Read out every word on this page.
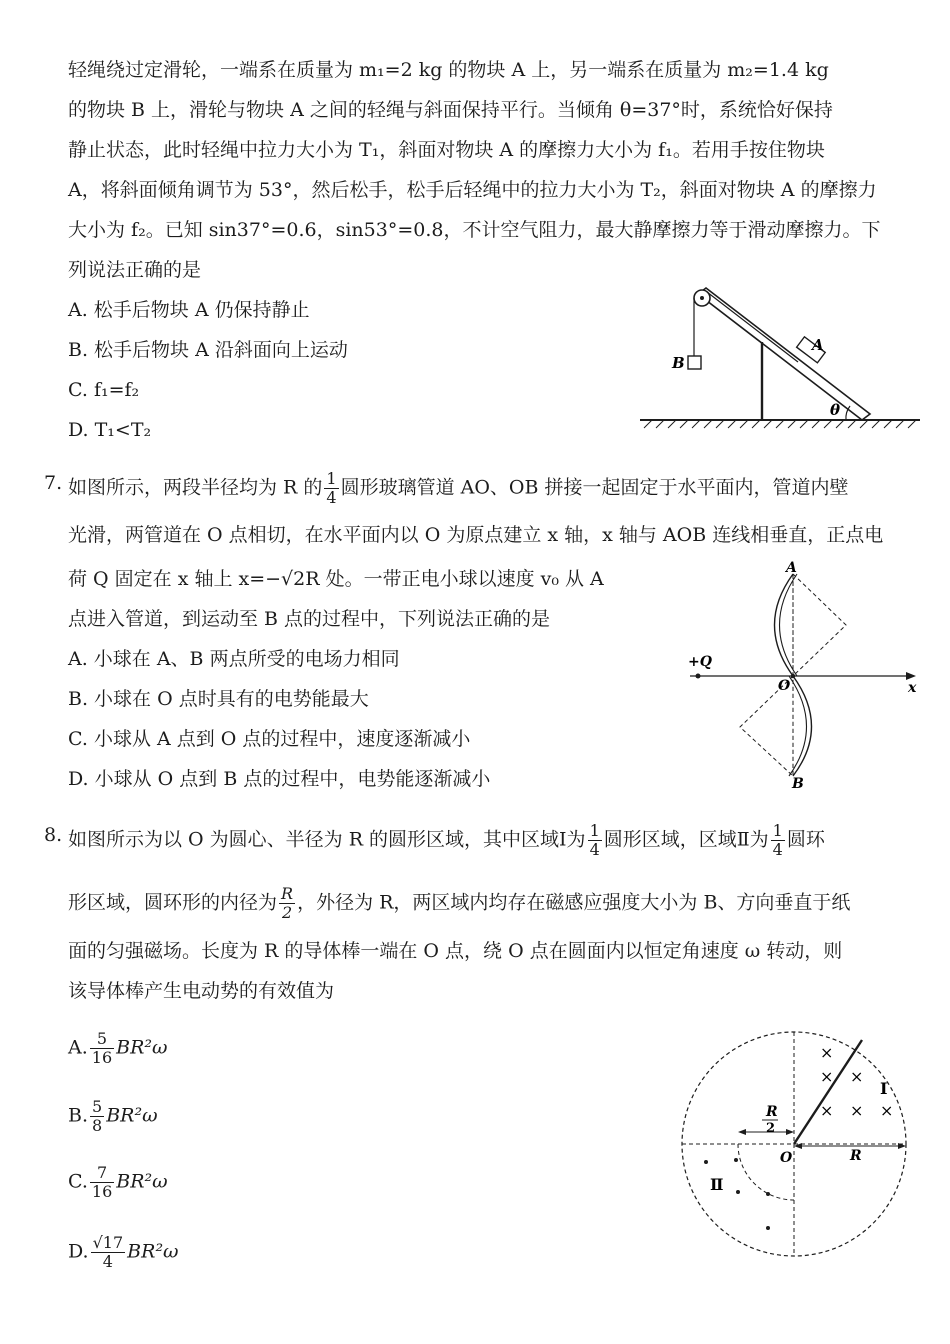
轻绳绕过定滑轮，一端系在质量为 m₁=2 kg 的物块 A 上，另一端系在质量为 m₂=1.4 kg
的物块 B 上，滑轮与物块 A 之间的轻绳与斜面保持平行。当倾角 θ=37°时，系统恰好保持
静止状态，此时轻绳中拉力大小为 T₁，斜面对物块 A 的摩擦力大小为 f₁。若用手按住物块
A，将斜面倾角调节为 53°，然后松手，松手后轻绳中的拉力大小为 T₂，斜面对物块 A 的摩擦力
大小为 f₂。已知 sin37°=0.6，sin53°=0.8，不计空气阻力，最大静摩擦力等于滑动摩擦力。下
列说法正确的是
A. 松手后物块 A 仍保持静止
B. 松手后物块 A 沿斜面向上运动
C. f₁=f₂
D. T₁<T₂
B
A
θ
7. 如图所示，两段半径均为 R 的 $\frac{1}{4}$ 圆形玻璃管道 AO、OB 拼接一起固定于水平面内，管道内壁
光滑，两管道在 O 点相切，在水平面内以 O 为原点建立 x 轴，x 轴与 AOB 连线相垂直，正点电
荷 Q 固定在 x 轴上 x=−√2R 处。一带正电小球以速度 v₀ 从 A
点进入管道，到运动至 B 点的过程中，下列说法正确的是
A. 小球在 A、B 两点所受的电场力相同
B. 小球在 O 点时具有的电势能最大
C. 小球从 A 点到 O 点的过程中，速度逐渐减小
D. 小球从 O 点到 B 点的过程中，电势能逐渐减小
x
+Q
A
O
B
8. 如图所示为以 O 为圆心、半径为 R 的圆形区域，其中区域Ⅰ为 $\frac{1}{4}$ 圆形区域，区域Ⅱ为 $\frac{1}{4}$ 圆环
形区域，圆环形的内径为 $\frac{R}{2}$ ，外径为 R，两区域内均存在磁感应强度大小为 B、方向垂直于纸
面的匀强磁场。长度为 R 的导体棒一端在 O 点，绕 O 点在圆面内以恒定角速度 ω 转动，则
该导体棒产生电动势的有效值为
A. $\frac{5}{16} BR^2\omega$
B. $\frac{5}{8} BR^2\omega$
C. $\frac{7}{16} BR^2\omega$
D. $\frac{√17}{4} BR^2\omega$
×
× ×
× × ×
Ⅰ
Ⅱ
O
R
2
R
